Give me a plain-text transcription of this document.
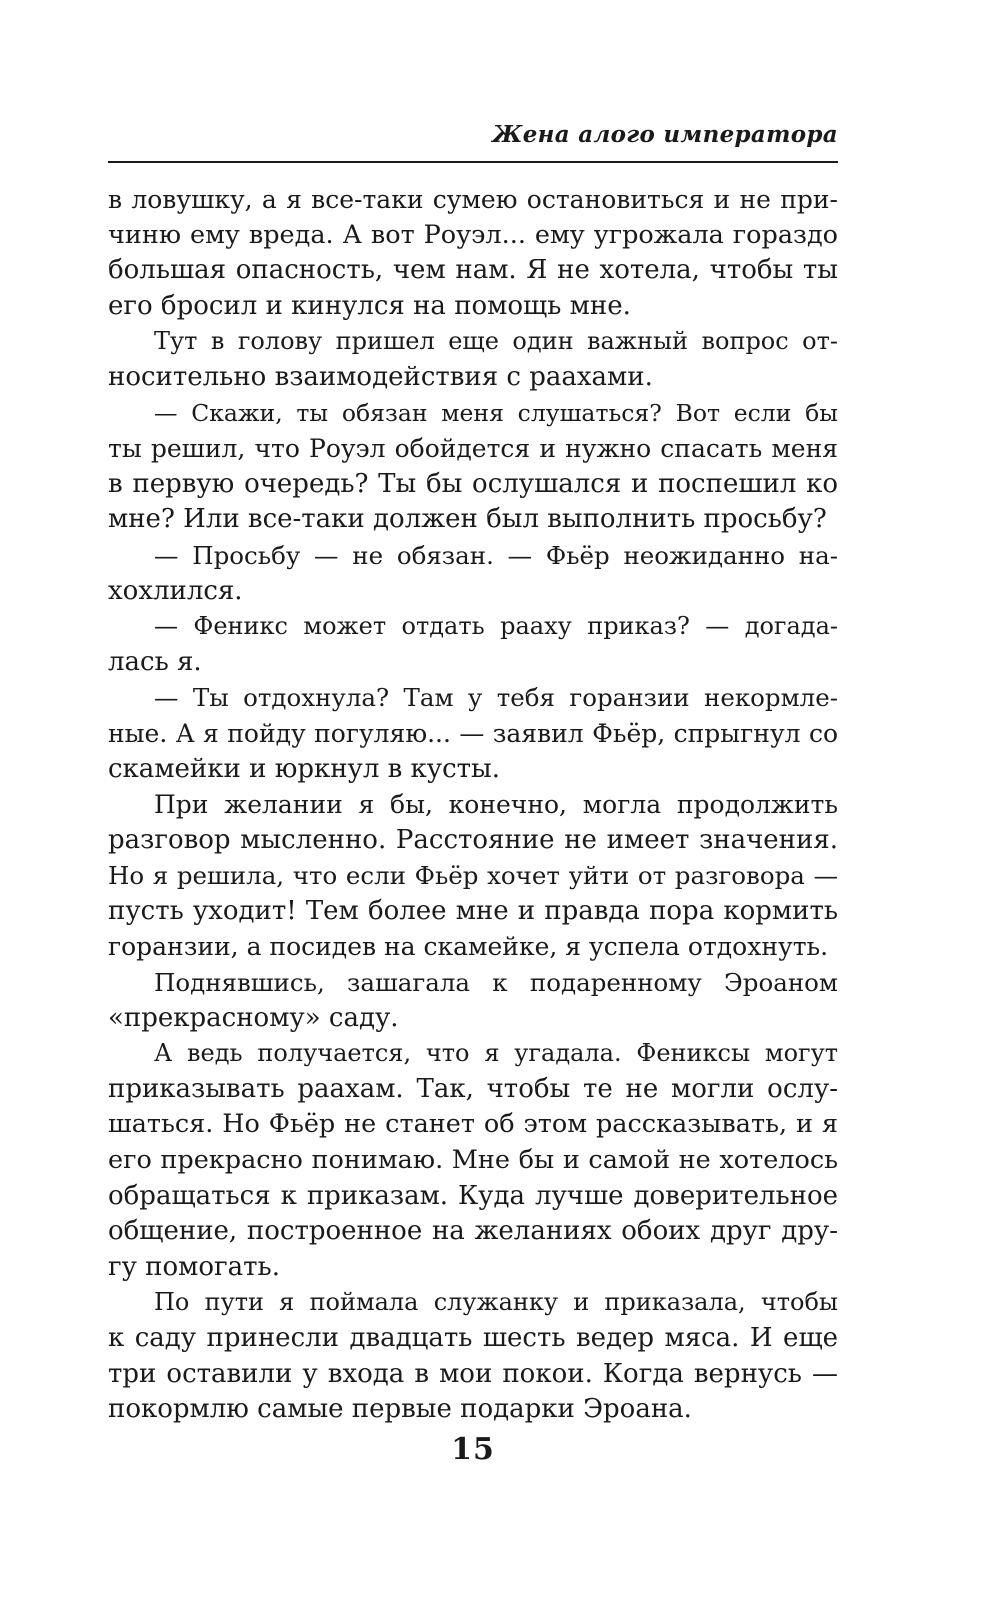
Жена алого императора
в ловушку, а я все-таки сумею остановиться и не при-
чиню ему вреда. А вот Роуэл... ему угрожала гораздо
большая опасность, чем нам. Я не хотела, чтобы ты
его бросил и кинулся на помощь мне.
Тут в голову пришел еще один важный вопрос от-
носительно взаимодействия с раахами.
— Скажи, ты обязан меня слушаться? Вот если бы
ты решил, что Роуэл обойдется и нужно спасать меня
в первую очередь? Ты бы ослушался и поспешил ко
мне? Или все-таки должен был выполнить просьбу?
— Просьбу — не обязан. — Фьёр неожиданно на-
хохлился.
— Феникс может отдать рааху приказ? — догада-
лась я.
— Ты отдохнула? Там у тебя горанзии некормле-
ные. А я пойду погуляю... — заявил Фьёр, спрыгнул со
скамейки и юркнул в кусты.
При желании я бы, конечно, могла продолжить
разговор мысленно. Расстояние не имеет значения.
Но я решила, что если Фьёр хочет уйти от разговора —
пусть уходит! Тем более мне и правда пора кормить
горанзии, а посидев на скамейке, я успела отдохнуть.
Поднявшись, зашагала к подаренному Эроаном
«прекрасному» саду.
А ведь получается, что я угадала. Фениксы могут
приказывать раахам. Так, чтобы те не могли ослу-
шаться. Но Фьёр не станет об этом рассказывать, и я
его прекрасно понимаю. Мне бы и самой не хотелось
обращаться к приказам. Куда лучше доверительное
общение, построенное на желаниях обоих друг дру-
гу помогать.
По пути я поймала служанку и приказала, чтобы
к саду принесли двадцать шесть ведер мяса. И еще
три оставили у входа в мои покои. Когда вернусь —
покормлю самые первые подарки Эроана.
15
